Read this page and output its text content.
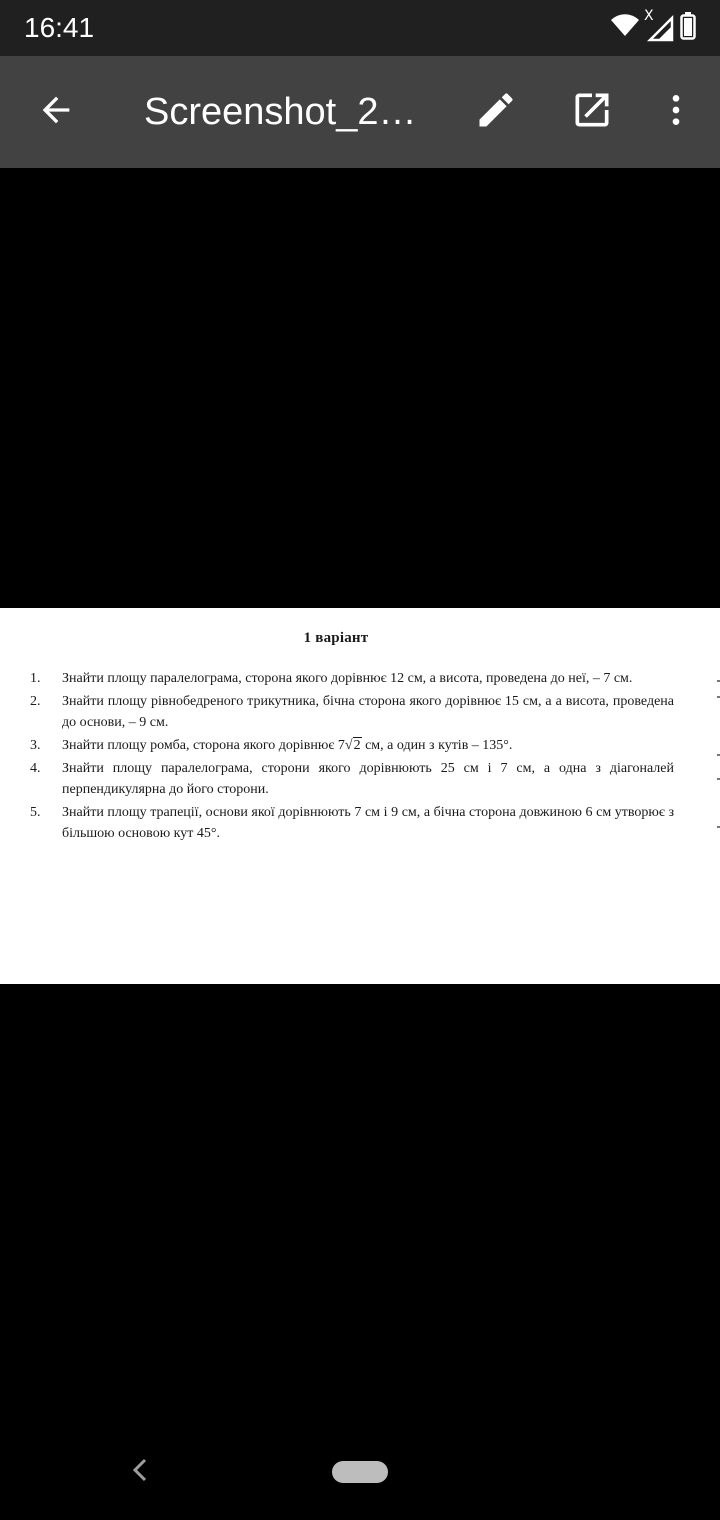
16:41	X
Screenshot_2…
1 варіант
1. Знайти площу паралелограма, сторона якого дорівнює 12 см, а висота, проведена до неї, – 7 см.
2. Знайти площу рівнобедреного трикутника, бічна сторона якого дорівнює 15 см, а а висота, проведена до основи, – 9 см.
3. Знайти площу ромба, сторона якого дорівнює 7√2 см, а один з кутів – 135°.
4. Знайти площу паралелограма, сторони якого дорівнюють 25 см і 7 см, а одна з діагоналей перпендикулярна до його сторони.
5. Знайти площу трапеції, основи якої дорівнюють 7 см і 9 см, а бічна сторона довжиною 6 см утворює з більшою основою кут 45°.
